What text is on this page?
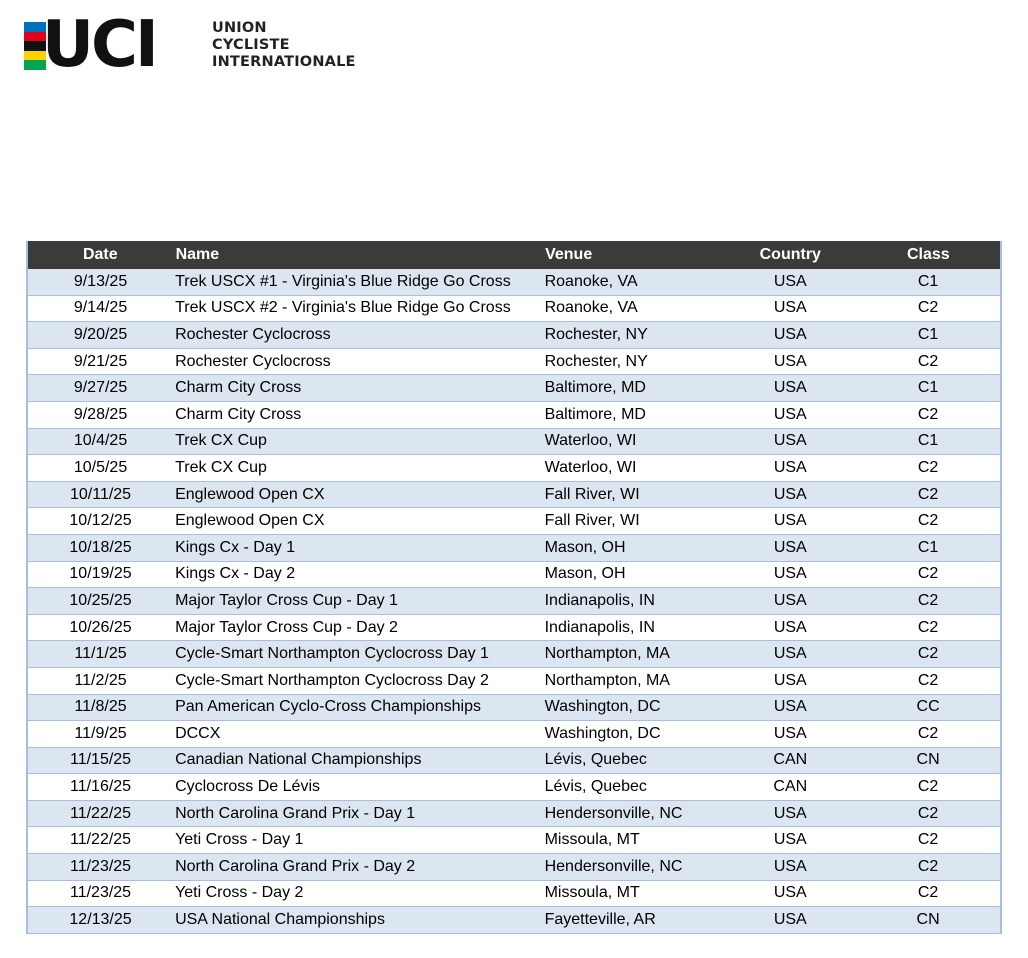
UCI	UNION
CYCLISTE
INTERNATIONALE
Date	Name	Venue	Country	Class
9/13/25	Trek USCX #1 - Virginia's Blue Ridge Go Cross	Roanoke, VA	USA	C1
9/14/25	Trek USCX #2 - Virginia's Blue Ridge Go Cross	Roanoke, VA	USA	C2
9/20/25	Rochester Cyclocross	Rochester, NY	USA	C1
9/21/25	Rochester Cyclocross	Rochester, NY	USA	C2
9/27/25	Charm City Cross	Baltimore, MD	USA	C1
9/28/25	Charm City Cross	Baltimore, MD	USA	C2
10/4/25	Trek CX Cup	Waterloo, WI	USA	C1
10/5/25	Trek CX Cup	Waterloo, WI	USA	C2
10/11/25	Englewood Open CX	Fall River, WI	USA	C2
10/12/25	Englewood Open CX	Fall River, WI	USA	C2
10/18/25	Kings Cx - Day 1	Mason, OH	USA	C1
10/19/25	Kings Cx - Day 2	Mason, OH	USA	C2
10/25/25	Major Taylor Cross Cup - Day 1	Indianapolis, IN	USA	C2
10/26/25	Major Taylor Cross Cup - Day 2	Indianapolis, IN	USA	C2
11/1/25	Cycle-Smart Northampton Cyclocross Day 1	Northampton, MA	USA	C2
11/2/25	Cycle-Smart Northampton Cyclocross Day 2	Northampton, MA	USA	C2
11/8/25	Pan American Cyclo-Cross Championships	Washington, DC	USA	CC
11/9/25	DCCX	Washington, DC	USA	C2
11/15/25	Canadian National Championships	Lévis, Quebec	CAN	CN
11/16/25	Cyclocross De Lévis	Lévis, Quebec	CAN	C2
11/22/25	North Carolina Grand Prix - Day 1	Hendersonville, NC	USA	C2
11/22/25	Yeti Cross - Day 1	Missoula, MT	USA	C2
11/23/25	North Carolina Grand Prix - Day 2	Hendersonville, NC	USA	C2
11/23/25	Yeti Cross - Day 2	Missoula, MT	USA	C2
12/13/25	USA National Championships	Fayetteville, AR	USA	CN
